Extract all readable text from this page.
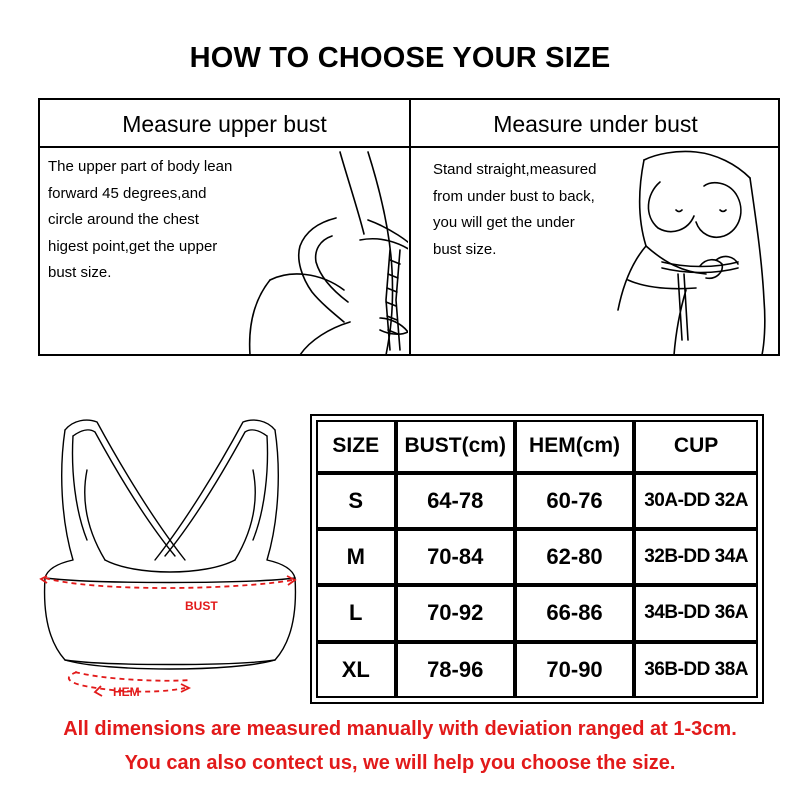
HOW TO CHOOSE YOUR SIZE
Measure upper bust
The upper part of body lean
forward 45 degrees,and
circle around the chest
higest point,get the upper
bust size.
Measure under bust
Stand straight,measured
from under bust to back,
you will get the under
bust size.
BUST
HEM
SIZE	BUST(cm)	HEM(cm)	CUP
S	64-78	60-76	30A-DD 32A
M	70-84	62-80	32B-DD 34A
L	70-92	66-86	34B-DD 36A
XL	78-96	70-90	36B-DD 38A
All dimensions are measured manually with deviation ranged at 1-3cm.
You can also contect us, we will help you choose the size.
